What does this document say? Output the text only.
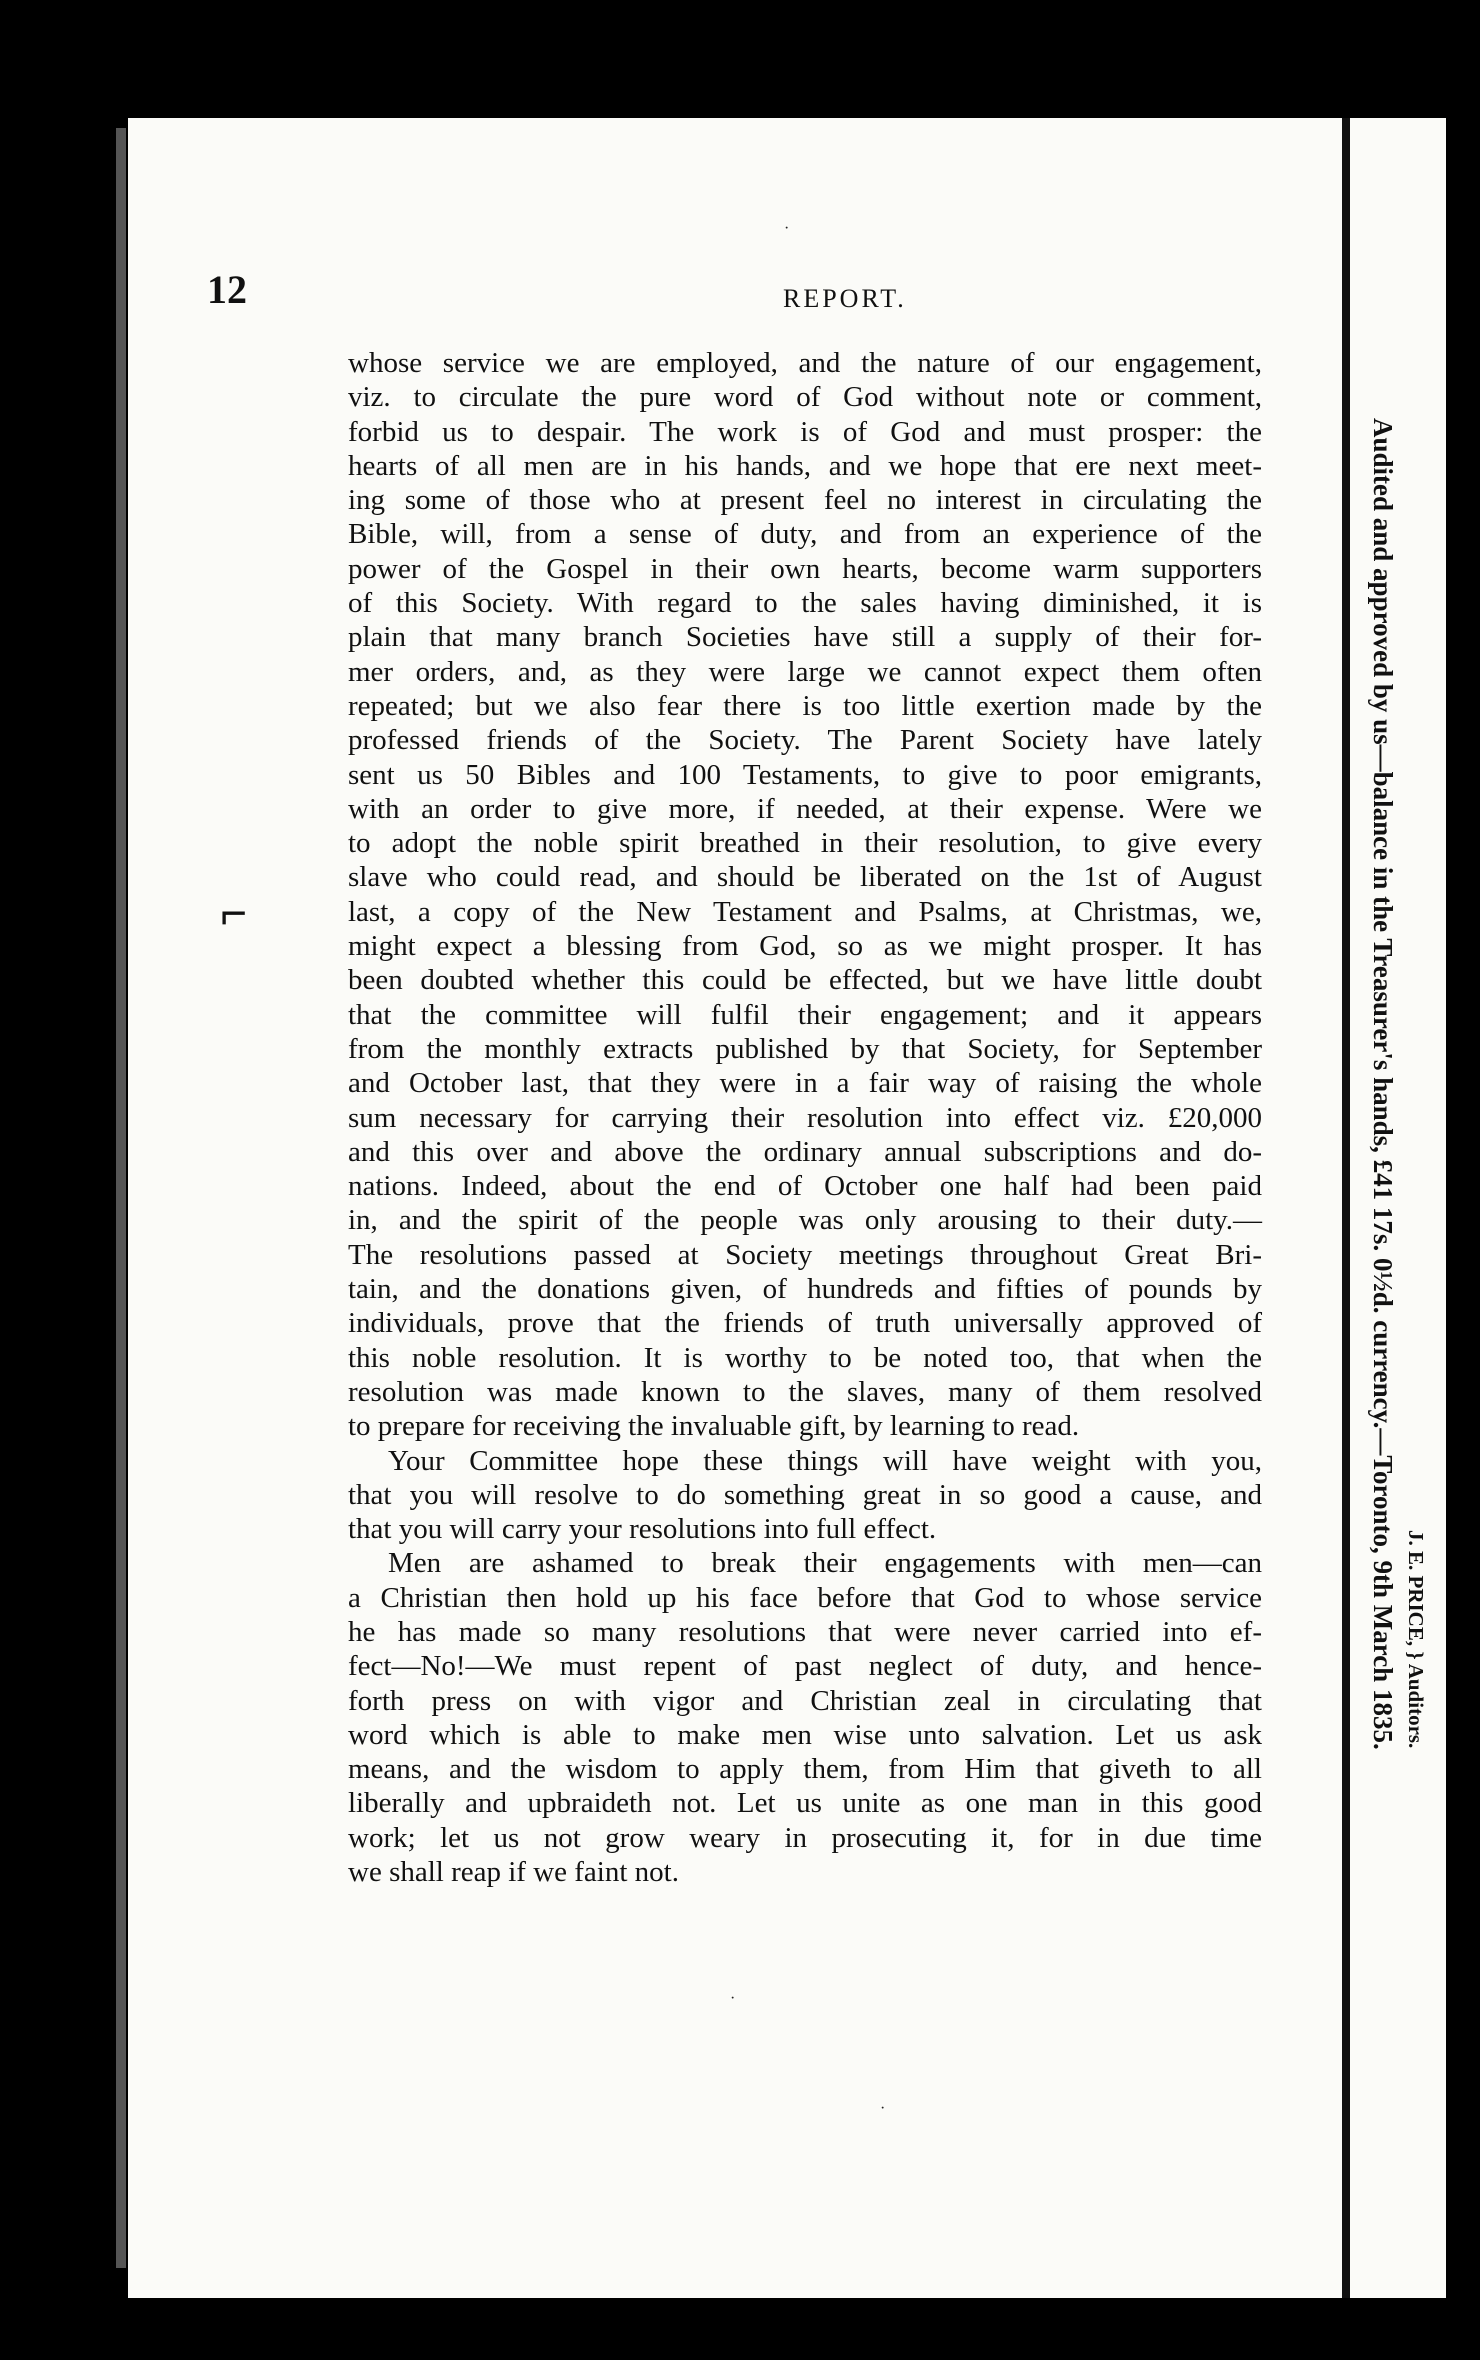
12	REPORT.
whose service we are employed, and the nature of our engagement,
viz. to circulate the pure word of God without note or comment,
forbid us to despair. The work is of God and must prosper: the
hearts of all men are in his hands, and we hope that ere next meet-
ing some of those who at present feel no interest in circulating the
Bible, will, from a sense of duty, and from an experience of the
power of the Gospel in their own hearts, become warm supporters
of this Society. With regard to the sales having diminished, it is
plain that many branch Societies have still a supply of their for-
mer orders, and, as they were large we cannot expect them often
repeated; but we also fear there is too little exertion made by the
professed friends of the Society. The Parent Society have lately
sent us 50 Bibles and 100 Testaments, to give to poor emigrants,
with an order to give more, if needed, at their expense. Were we
to adopt the noble spirit breathed in their resolution, to give every
slave who could read, and should be liberated on the 1st of August
last, a copy of the New Testament and Psalms, at Christmas, we,
might expect a blessing from God, so as we might prosper. It has
been doubted whether this could be effected, but we have little doubt
that the committee will fulfil their engagement; and it appears
from the monthly extracts published by that Society, for September
and October last, that they were in a fair way of raising the whole
sum necessary for carrying their resolution into effect viz. £20,000
and this over and above the ordinary annual subscriptions and do-
nations. Indeed, about the end of October one half had been paid
in, and the spirit of the people was only arousing to their duty.—
The resolutions passed at Society meetings throughout Great Bri-
tain, and the donations given, of hundreds and fifties of pounds by
individuals, prove that the friends of truth universally approved of
this noble resolution. It is worthy to be noted too, that when the
resolution was made known to the slaves, many of them resolved
to prepare for receiving the invaluable gift, by learning to read.
Your Committee hope these things will have weight with you,
that you will resolve to do something great in so good a cause, and
that you will carry your resolutions into full effect.
Men are ashamed to break their engagements with men—can
a Christian then hold up his face before that God to whose service
he has made so many resolutions that were never carried into ef-
fect—No!—We must repent of past neglect of duty, and hence-
forth press on with vigor and Christian zeal in circulating that
word which is able to make men wise unto salvation. Let us ask
means, and the wisdom to apply them, from Him that giveth to all
liberally and upbraideth not. Let us unite as one man in this good
work; let us not grow weary in prosecuting it, for in due time
we shall reap if we faint not.
Audited and approved by us—balance in the Treasurer's hands, £41 17s. 0½d. currency.—Toronto, 9th March 1835. J. E. PRICE, } Auditors.
⌐
·
·
·
